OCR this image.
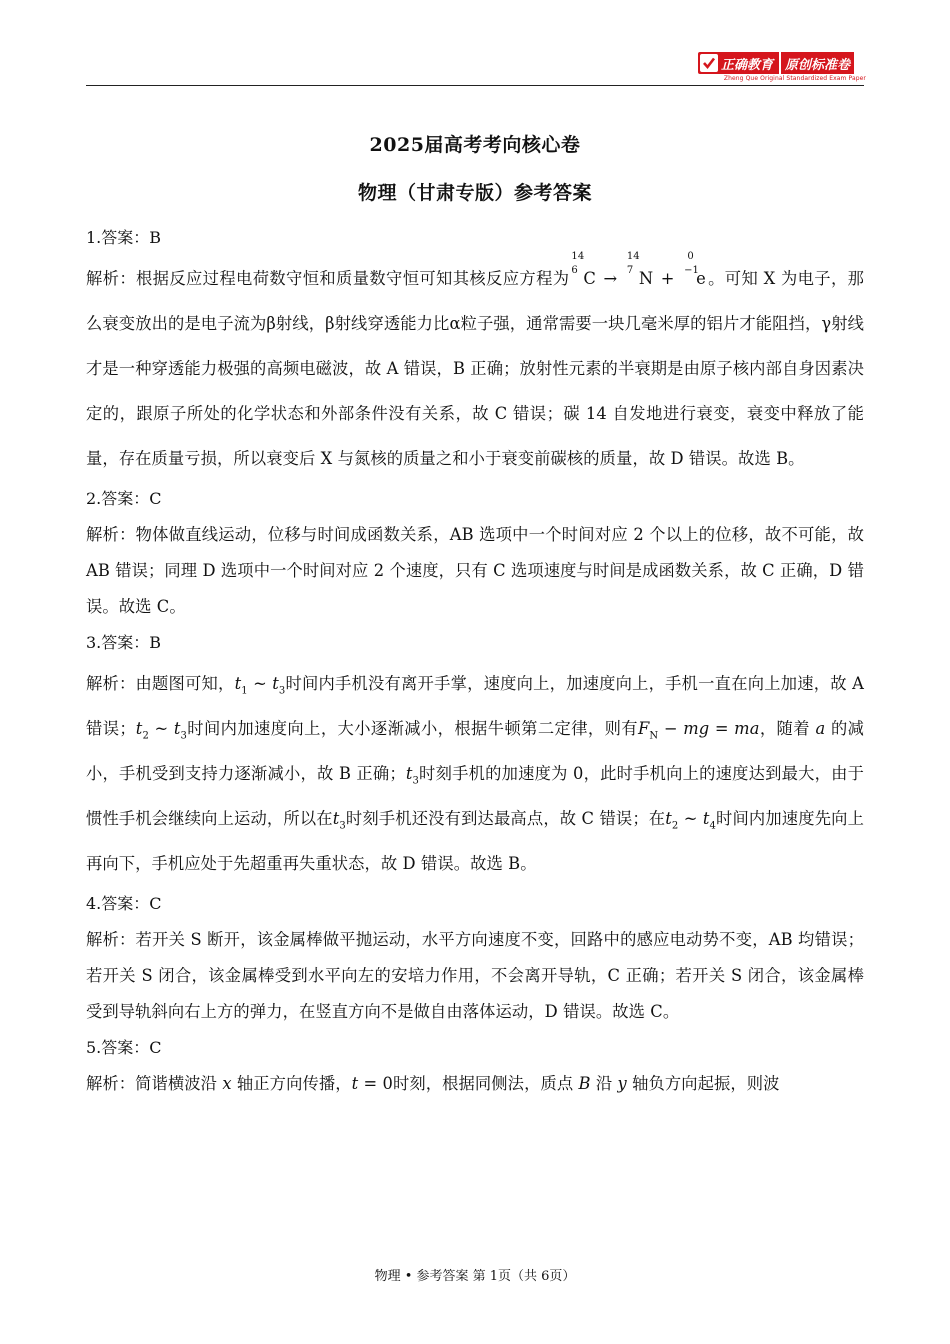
正确教育 原创标准卷
Zheng Que Original Standardized Exam Paper
2025届高考考向核心卷
物理（甘肃专版）参考答案
1.答案：B
解析：根据反应过程电荷数守恒和质量数守恒可知其核反应方程为
14
6 C →
14
7 N +
0
−1
e 。可知 X 为电子，那么衰变放出的是电子流为β射线，β射线穿透能力比α粒子强，通常需要一块几毫米厚的铝片才能阻挡，γ射线才是一种穿透能力极强的高频电磁波，故 A 错误，B 正确；放射性元素的半衰期是由原子核内部自身因素决定的，跟原子所处的化学状态和外部条件没有关系，故 C 错误；碳 14 自发地进行衰变，衰变中释放了能量，存在质量亏损，所以衰变后 X 与氮核的质量之和小于衰变前碳核的质量，故 D 错误。故选 B。
2.答案：C
解析：物体做直线运动，位移与时间成函数关系，AB 选项中一个时间对应 2 个以上的位移，故不可能，故 AB 错误；同理 D 选项中一个时间对应 2 个速度，只有 C 选项速度与时间是成函数关系，故 C 正确，D 错误。故选 C。
3.答案：B
解析：由题图可知，$t_1$ ~ $t_3$时间内手机没有离开手掌，速度向上，加速度向上，手机一直在向上加速，故 A 错误；$t_2$ ~ $t_3$时间内加速度向上，大小逐渐减小，根据牛顿第二定律，则有$F_N$ − mg = ma，随着 a 的减小，手机受到支持力逐渐减小，故 B 正确；$t_3$时刻手机的加速度为 0，此时手机向上的速度达到最大，由于惯性手机会继续向上运动，所以在$t_3$时刻手机还没有到达最高点，故 C 错误；在$t_2$ ~ $t_4$时间内加速度先向上再向下，手机应处于先超重再失重状态，故 D 错误。故选 B。
4.答案：C
解析：若开关 S 断开，该金属棒做平抛运动，水平方向速度不变，回路中的感应电动势不变，AB 均错误；若开关 S 闭合，该金属棒受到水平向左的安培力作用，不会离开导轨，C 正确；若开关 S 闭合，该金属棒受到导轨斜向右上方的弹力，在竖直方向不是做自由落体运动，D 错误。故选 C。
5.答案：C
解析：简谐横波沿 x 轴正方向传播，t = 0时刻，根据同侧法，质点 B 沿 y 轴负方向起振，则波
物理 • 参考答案 第 1页（共 6页）
